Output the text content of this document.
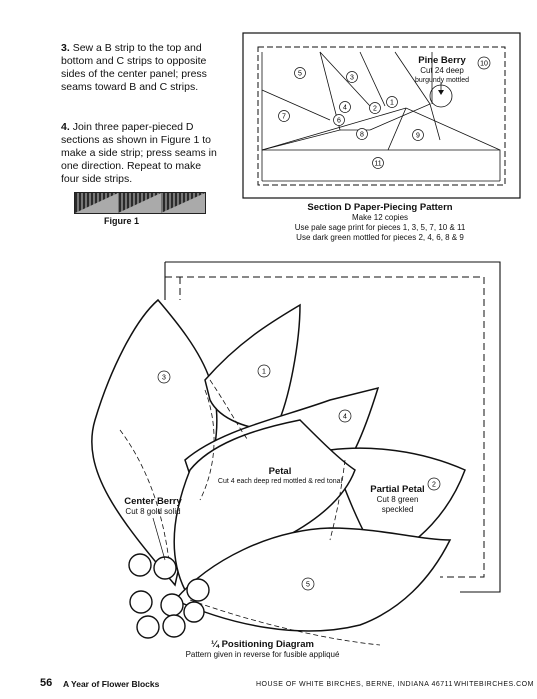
3. Sew a B strip to the top and bottom and C strips to opposite sides of the center panel; press seams toward B and C strips.
4. Join three paper-pieced D sections as shown in Figure 1 to make a side strip; press seams in one direction. Repeat to make four side strips.
Figure 1
5
3
4	2
1
7
6
8	9
10
11
Pine Berry
Cut 24 deep
burgundy mottled
Section D Paper-Piecing Pattern
Make 12 copies
Use pale sage print for pieces 1, 3, 5, 7, 10 & 11
Use dark green mottled for pieces 2, 4, 6, 8 & 9
1
2
3
4
5
Petal
Cut 4 each deep red mottled & red tonal
Partial Petal
Cut 8 green
speckled
Center Berry
Cut 8 gold solid
¼ Positioning Diagram
Pattern given in reverse for fusible appliqué
56 A Year of Flower Blocks	HOUSE OF WHITE BIRCHES, BERNE, INDIANA 46711 WHITEBIRCHES.COM
